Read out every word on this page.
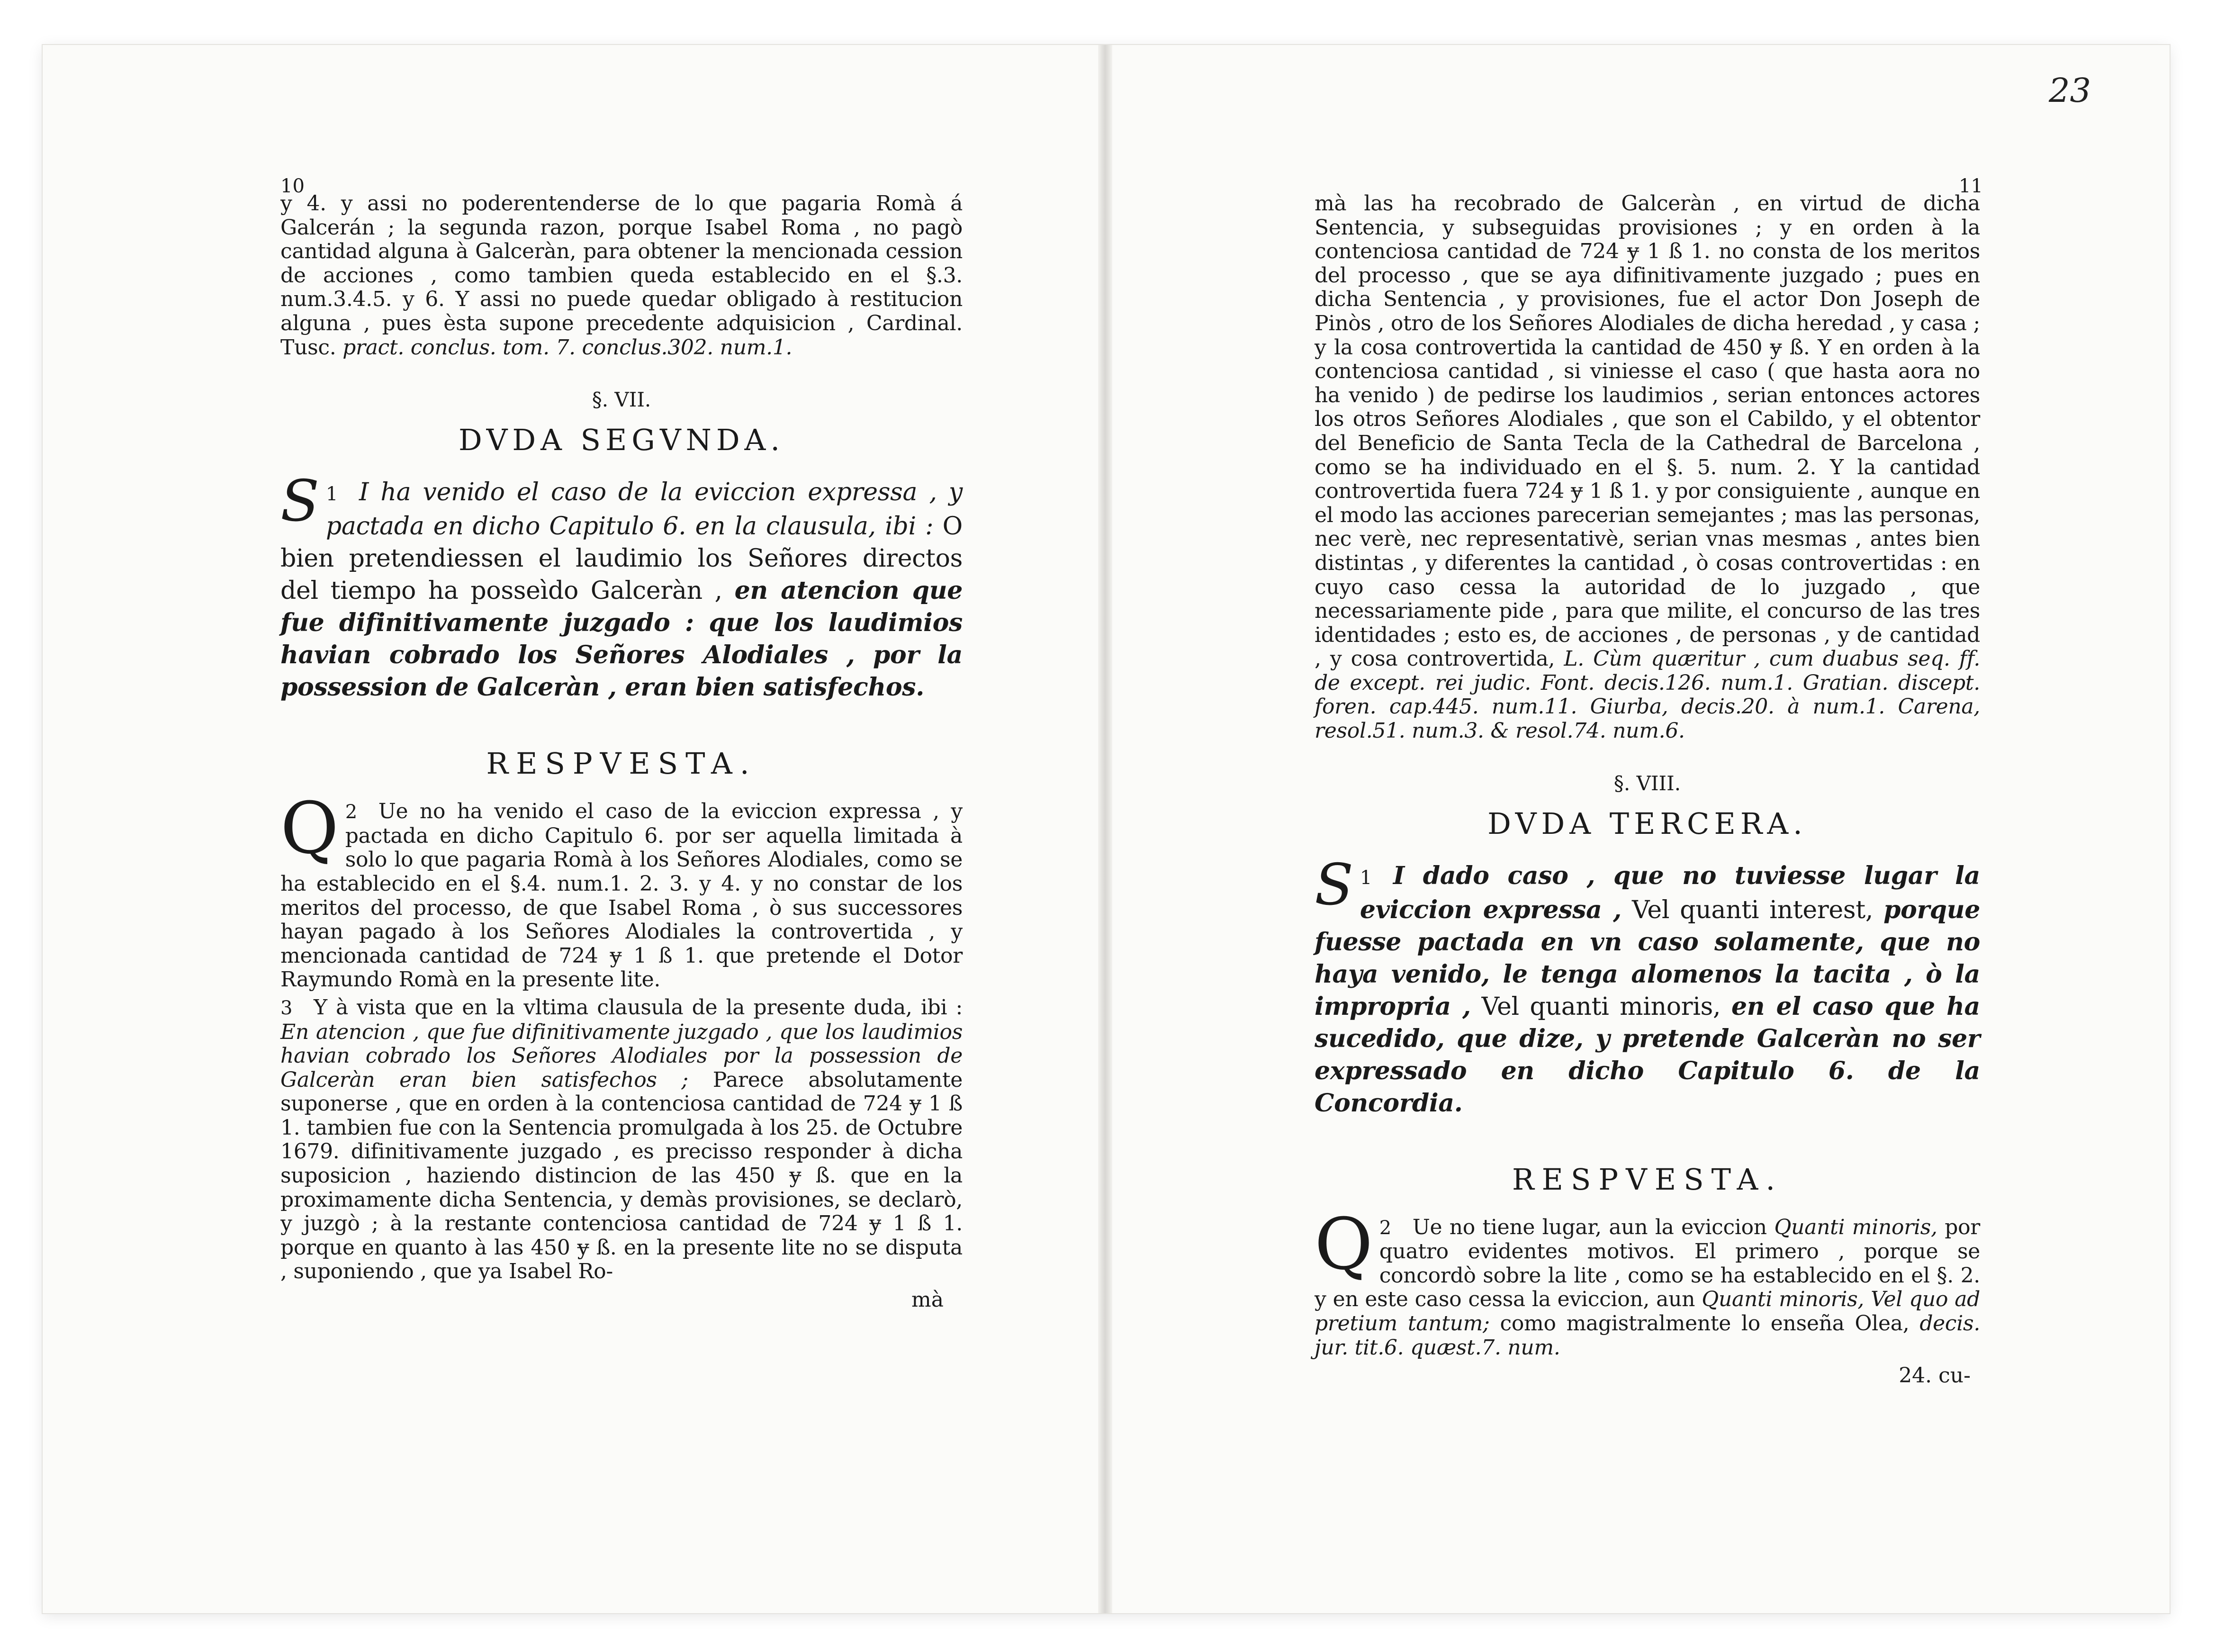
10

y 4. y assi no poderentenderse de lo que pagaria Romà á Galcerán ; la segunda razon, porque Isabel Roma , no pagò cantidad alguna à Galceràn, para obtener la mencionada cession de acciones , como tambien queda establecido en el §.3. num.3.4.5. y 6. Y assi no puede quedar obligado à restitucion alguna , pues èsta supone precedente adquisicion , Cardinal. Tusc. pract. conclus. tom. 7. conclus.302. num.1.

§. VII.
DVDA SEGVNDA.

1
S I ha venido el caso de la eviccion expressa , y pactada en dicho Capitulo 6. en la clausula, ibi : O bien pretendiessen el laudimio los Señores directos del tiempo ha posseìdo Galceràn , en atencion que fue difinitivamente juzgado : que los laudimios havian cobrado los Señores Alodiales , por la possession de Galceràn , eran bien satisfechos.

RESPVESTA.

2
Q Ue no ha venido el caso de la eviccion expressa , y pactada en dicho Capitulo 6. por ser aquella limitada à solo lo que pagaria Romà à los Señores Alodiales, como se ha establecido en el §.4. num.1. 2. 3. y 4. y no constar de los meritos del processo, de que Isabel Roma , ò sus successores hayan pagado à los Señores Alodiales la controvertida , y mencionada cantidad de 724 ɏ 1 ß 1. que pretende el Dotor Raymundo Romà en la presente lite.

3 Y à vista que en la vltima clausula de la presente duda, ibi : En atencion , que fue difinitivamente juzgado , que los laudimios havian cobrado los Señores Alodiales por la possession de Galceràn eran bien satisfechos ; Parece absolutamente suponerse , que en orden à la contenciosa cantidad de 724 ɏ 1 ß 1. tambien fue con la Sentencia promulgada à los 25. de Octubre 1679. difinitivamente juzgado , es precisso responder à dicha suposicion , haziendo distincion de las 450 ɏ ß. que en la proximamente dicha Sentencia, y demàs provisiones, se declarò, y juzgò ; à la restante contenciosa cantidad de 724 ɏ 1 ß 1. porque en quanto à las 450 ɏ ß. en la presente lite no se disputa , suponiendo , que ya Isabel Ro-

mà
23
11

mà las ha recobrado de Galceràn , en virtud de dicha Sentencia, y subseguidas provisiones ; y en orden à la contenciosa cantidad de 724 ɏ 1 ß 1. no consta de los meritos del processo , que se aya difinitivamente juzgado ; pues en dicha Sentencia , y provisiones, fue el actor Don Joseph de Pinòs , otro de los Señores Alodiales de dicha heredad , y casa ; y la cosa controvertida la cantidad de 450 ɏ ß. Y en orden à la contenciosa cantidad , si viniesse el caso ( que hasta aora no ha venido ) de pedirse los laudimios , serian entonces actores los otros Señores Alodiales , que son el Cabildo, y el obtentor del Beneficio de Santa Tecla de la Cathedral de Barcelona , como se ha individuado en el §. 5. num. 2. Y la cantidad controvertida fuera 724 ɏ 1 ß 1. y por consiguiente , aunque en el modo las acciones parecerian semejantes ; mas las personas, nec verè, nec representativè, serian vnas mesmas , antes bien distintas , y diferentes la cantidad , ò cosas controvertidas : en cuyo caso cessa la autoridad de lo juzgado , que necessariamente pide , para que milite, el concurso de las tres identidades ; esto es, de acciones , de personas , y de cantidad , y cosa controvertida, L. Cùm quæritur , cum duabus seq. ff. de except. rei judic. Font. decis.126. num.1. Gratian. discept. foren. cap.445. num.11. Giurba, decis.20. à num.1. Carena, resol.51. num.3. & resol.74. num.6.

§. VIII.
DVDA TERCERA.

1
S I dado caso , que no tuviesse lugar la eviccion expressa , Vel quanti interest, porque fuesse pactada en vn caso solamente, que no haya venido, le tenga alomenos la tacita , ò la impropria , Vel quanti minoris, en el caso que ha sucedido, que dize, y pretende Galceràn no ser expressado en dicho Capitulo 6. de la Concordia.

RESPVESTA.

2
Q Ue no tiene lugar, aun la eviccion Quanti minoris, por quatro evidentes motivos. El primero , porque se concordò sobre la lite , como se ha establecido en el §. 2. y en este caso cessa la eviccion, aun Quanti minoris, Vel quo ad pretium tantum; como magistralmente lo enseña Olea, decis. jur. tit.6. quæst.7. num.

24. cu-
